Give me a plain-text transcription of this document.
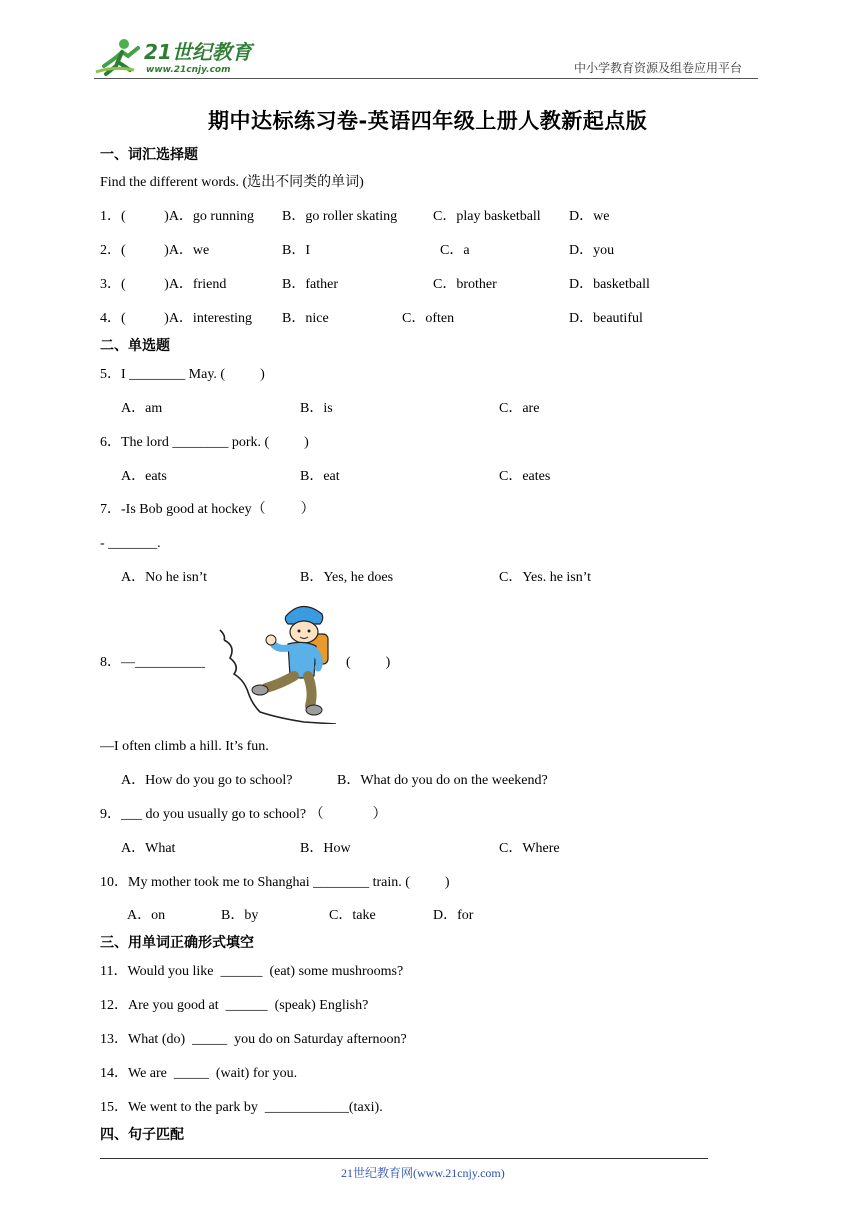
21世纪教育
www.21cnjy.com	中小学教育资源及组卷应用平台
期中达标练习卷-英语四年级上册人教新起点版
一、词汇选择题
Find the different words. (选出不同类的单词)
1．(           )A．go running B．go roller skating	C．play basketball D．we
2．(           )A．we	B．I	C．a	D．you
3．(           )A．friend	B．father	C．brother	D．basketball
4．(           )A．interesting B．nice	C．often	D．beautiful
二、单选题
5．I ________ May. (          )
A．am	B．is	C．are
6．The lord ________ pork. (          )
A．eats	B．eat	C．eates
7．-Is Bob good at hockey（          ）
- _______.
A．No he isn’t	B．Yes, he does	C．Yes. he isn’t
8．—__________	(          )
—I often climb a hill. It’s fun.
A．How do you go to school?	B．What do you do on the weekend?
9．___ do you usually go to school? （              ）
A．What	B．How	C．Where
10．My mother took me to Shanghai ________ train. (          )
A．on	B．by	C．take	D．for
三、用单词正确形式填空
11．Would you like  ______  (eat) some mushrooms?
12．Are you good at  ______  (speak) English?
13．What (do)  _____  you do on Saturday afternoon?
14．We are  _____  (wait) for you.
15．We went to the park by  ____________(taxi).
四、句子匹配
21世纪教育网(www.21cnjy.com)
